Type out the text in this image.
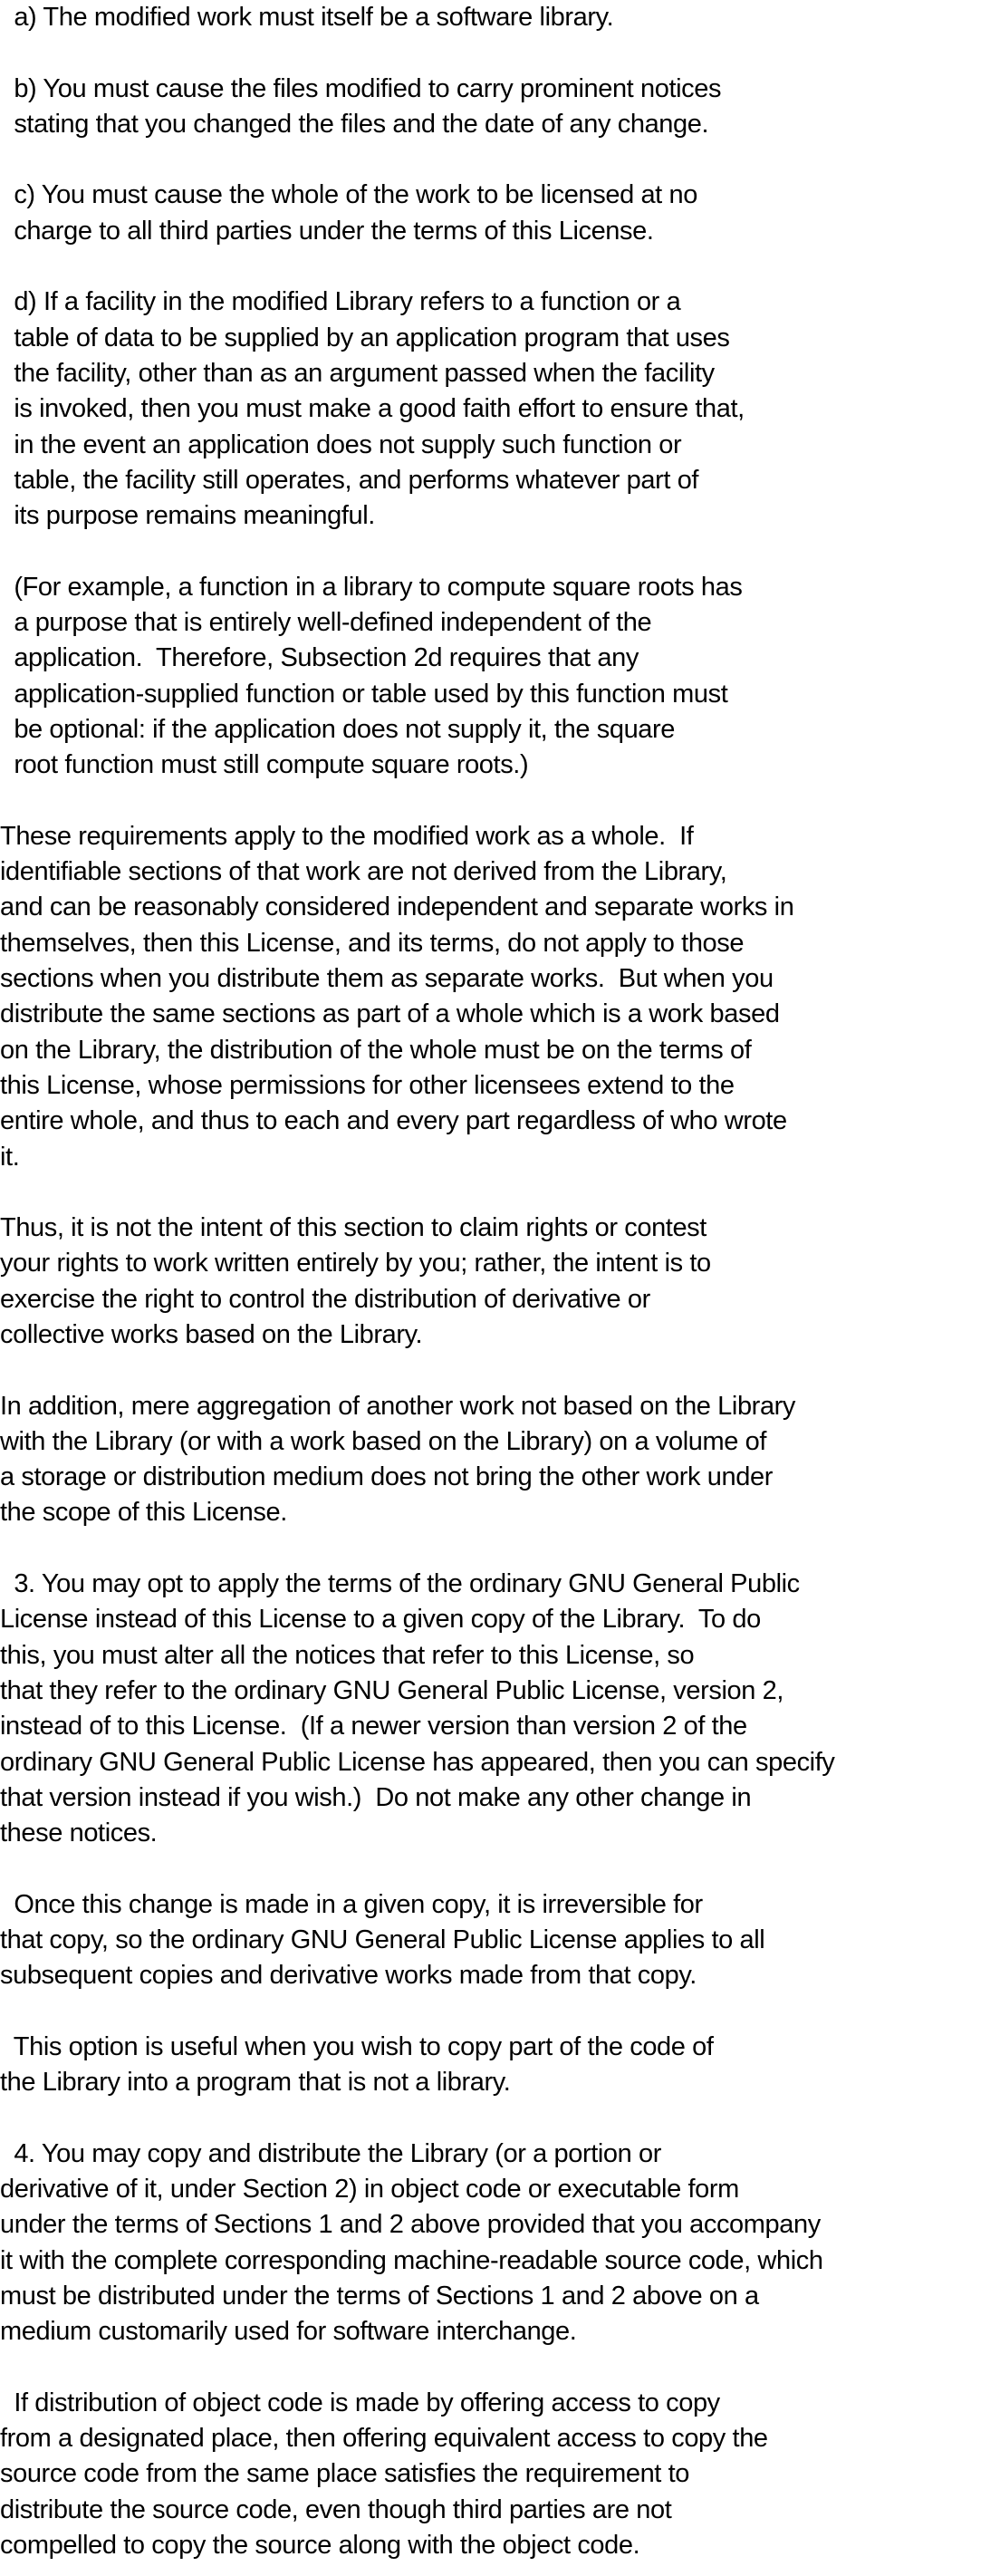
a) The modified work must itself be a software library.
b) You must cause the files modified to carry prominent notices
stating that you changed the files and the date of any change.
c) You must cause the whole of the work to be licensed at no
charge to all third parties under the terms of this License.
d) If a facility in the modified Library refers to a function or a
table of data to be supplied by an application program that uses
the facility, other than as an argument passed when the facility
is invoked, then you must make a good faith effort to ensure that,
in the event an application does not supply such function or
table, the facility still operates, and performs whatever part of
its purpose remains meaningful.
(For example, a function in a library to compute square roots has
a purpose that is entirely well-defined independent of the
application.  Therefore, Subsection 2d requires that any
application-supplied function or table used by this function must
be optional: if the application does not supply it, the square
root function must still compute square roots.)
These requirements apply to the modified work as a whole.  If
identifiable sections of that work are not derived from the Library,
and can be reasonably considered independent and separate works in
themselves, then this License, and its terms, do not apply to those
sections when you distribute them as separate works.  But when you
distribute the same sections as part of a whole which is a work based
on the Library, the distribution of the whole must be on the terms of
this License, whose permissions for other licensees extend to the
entire whole, and thus to each and every part regardless of who wrote
it.
Thus, it is not the intent of this section to claim rights or contest
your rights to work written entirely by you; rather, the intent is to
exercise the right to control the distribution of derivative or
collective works based on the Library.
In addition, mere aggregation of another work not based on the Library
with the Library (or with a work based on the Library) on a volume of
a storage or distribution medium does not bring the other work under
the scope of this License.
3. You may opt to apply the terms of the ordinary GNU General Public
License instead of this License to a given copy of the Library.  To do
this, you must alter all the notices that refer to this License, so
that they refer to the ordinary GNU General Public License, version 2,
instead of to this License.  (If a newer version than version 2 of the
ordinary GNU General Public License has appeared, then you can specify
that version instead if you wish.)  Do not make any other change in
these notices.
Once this change is made in a given copy, it is irreversible for
that copy, so the ordinary GNU General Public License applies to all
subsequent copies and derivative works made from that copy.
This option is useful when you wish to copy part of the code of
the Library into a program that is not a library.
4. You may copy and distribute the Library (or a portion or
derivative of it, under Section 2) in object code or executable form
under the terms of Sections 1 and 2 above provided that you accompany
it with the complete corresponding machine-readable source code, which
must be distributed under the terms of Sections 1 and 2 above on a
medium customarily used for software interchange.
If distribution of object code is made by offering access to copy
from a designated place, then offering equivalent access to copy the
source code from the same place satisfies the requirement to
distribute the source code, even though third parties are not
compelled to copy the source along with the object code.
